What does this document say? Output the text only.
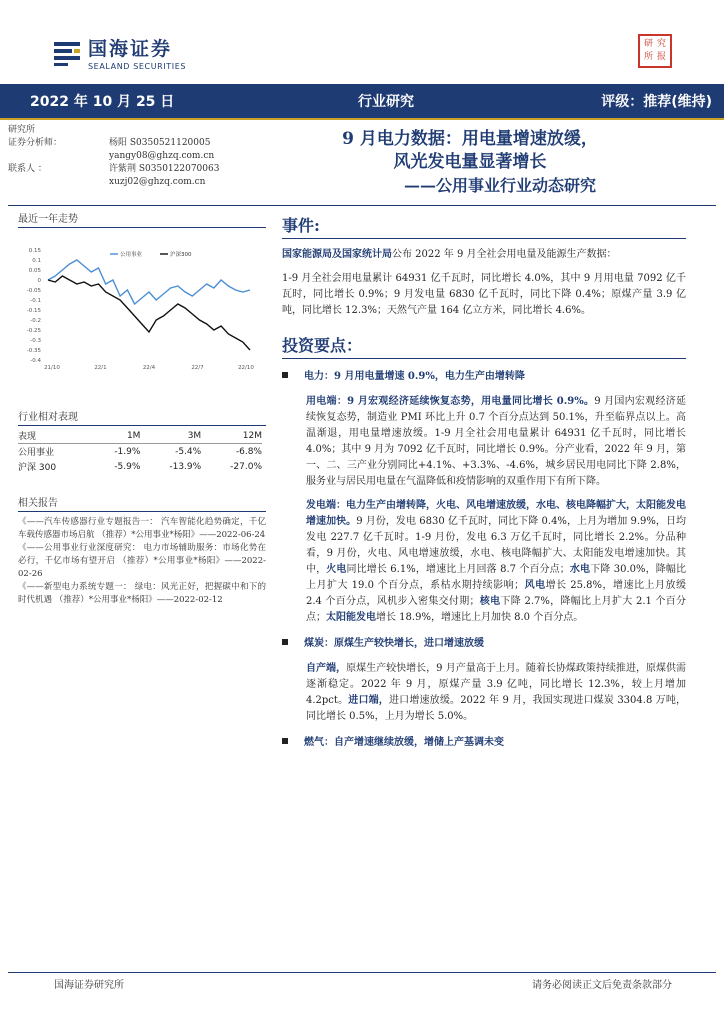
国海证券
SEALAND SECURITIES
研 究
所 报
2022 年 10 月 25 日	行业研究	评级：推荐(维持)
研究所
证券分析师：	杨阳 S0350521120005
yangy08@ghzq.com.cn
联系人 ：	许紫荆 S0350122070063
xuzj02@ghzq.com.cn
9 月电力数据：用电量增速放缓，
风光发电量显著增长
——公用事业行业动态研究
最近一年走势
0.15
0.1
0.05
0
-0.05
-0.1
-0.15
-0.2
-0.25
-0.3
-0.35
-0.4
21/10	22/1	22/4	22/7	22/10
公用事业	沪深300
行业相对表现
表现	1M	3M	12M
公用事业	-1.9%	-5.4%	-6.8%
沪深 300	-5.9%	-13.9%	-27.0%
相关报告

《——汽车传感器行业专题报告一： 汽车智能化趋势确定，千亿车载传感器市场启航 （推荐）*公用事业*杨阳》——2022-06-24

《——公用事业行业深度研究： 电力市场辅助服务：市场化势在必行，千亿市场有望开启 （推荐）*公用事业*杨阳》——2022-02-26

《——新型电力系统专题一： 绿电：风光正好，把握碳中和下的时代机遇 （推荐）*公用事业*杨阳》——2022-02-12

事件:

国家能源局及国家统计局公布 2022 年 9 月全社会用电量及能源生产数据：

1-9 月全社会用电量累计 64931 亿千瓦时，同比增长 4.0%，其中 9 月用电量 7092 亿千瓦时，同比增长 0.9%；9 月发电量 6830 亿千瓦时，同比下降 0.4%；原煤产量 3.9 亿吨，同比增长 12.3%；天然气产量 164 亿立方米，同比增长 4.6%。

投资要点：
电力：9 月用电量增速 0.9%，电力生产由增转降

用电端：9 月宏观经济延续恢复态势，用电量同比增长 0.9%。9 月国内宏观经济延续恢复态势，制造业 PMI 环比上升 0.7 个百分点达到 50.1%，升至临界点以上。高温渐退，用电量增速放缓。1-9 月全社会用电量累计 64931 亿千瓦时，同比增长 4.0%；其中 9 月为 7092 亿千瓦时，同比增长 0.9%。分产业看，2022 年 9 月，第一、二、三产业分别同比+4.1%、+3.3%、-4.6%，城乡居民用电同比下降 2.8%，服务业与居民用电量在气温降低和疫情影响的双重作用下有所下降。

发电端：电力生产由增转降，火电、风电增速放缓，水电、核电降幅扩大，太阳能发电增速加快。9 月份，发电 6830 亿千瓦时，同比下降 0.4%，上月为增加 9.9%，日均发电 227.7 亿千瓦时。1-9 月份，发电 6.3 万亿千瓦时，同比增长 2.2%。分品种看，9 月份，火电、风电增速放缓，水电、核电降幅扩大、太阳能发电增速加快。其中，火电同比增长 6.1%，增速比上月回落 8.7 个百分点；水电下降 30.0%，降幅比上月扩大 19.0 个百分点，系枯水期持续影响；风电增长 25.8%，增速比上月放缓 2.4 个百分点，风机步入密集交付期；核电下降 2.7%，降幅比上月扩大 2.1 个百分点；太阳能发电增长 18.9%，增速比上月加快 8.0 个百分点。

煤炭：原煤生产较快增长，进口增速放缓

自产端，原煤生产较快增长，9 月产量高于上月。随着长协煤政策持续推进，原煤供需逐渐稳定。2022 年 9 月，原煤产量 3.9 亿吨，同比增长 12.3%，较上月增加 4.2pct。进口端，进口增速放缓。2022 年 9 月，我国实现进口煤炭 3304.8 万吨，同比增长 0.5%，上月为增长 5.0%。

燃气：自产增速继续放缓，增储上产基调未变
国海证券研究所	请务必阅读正文后免责条款部分
